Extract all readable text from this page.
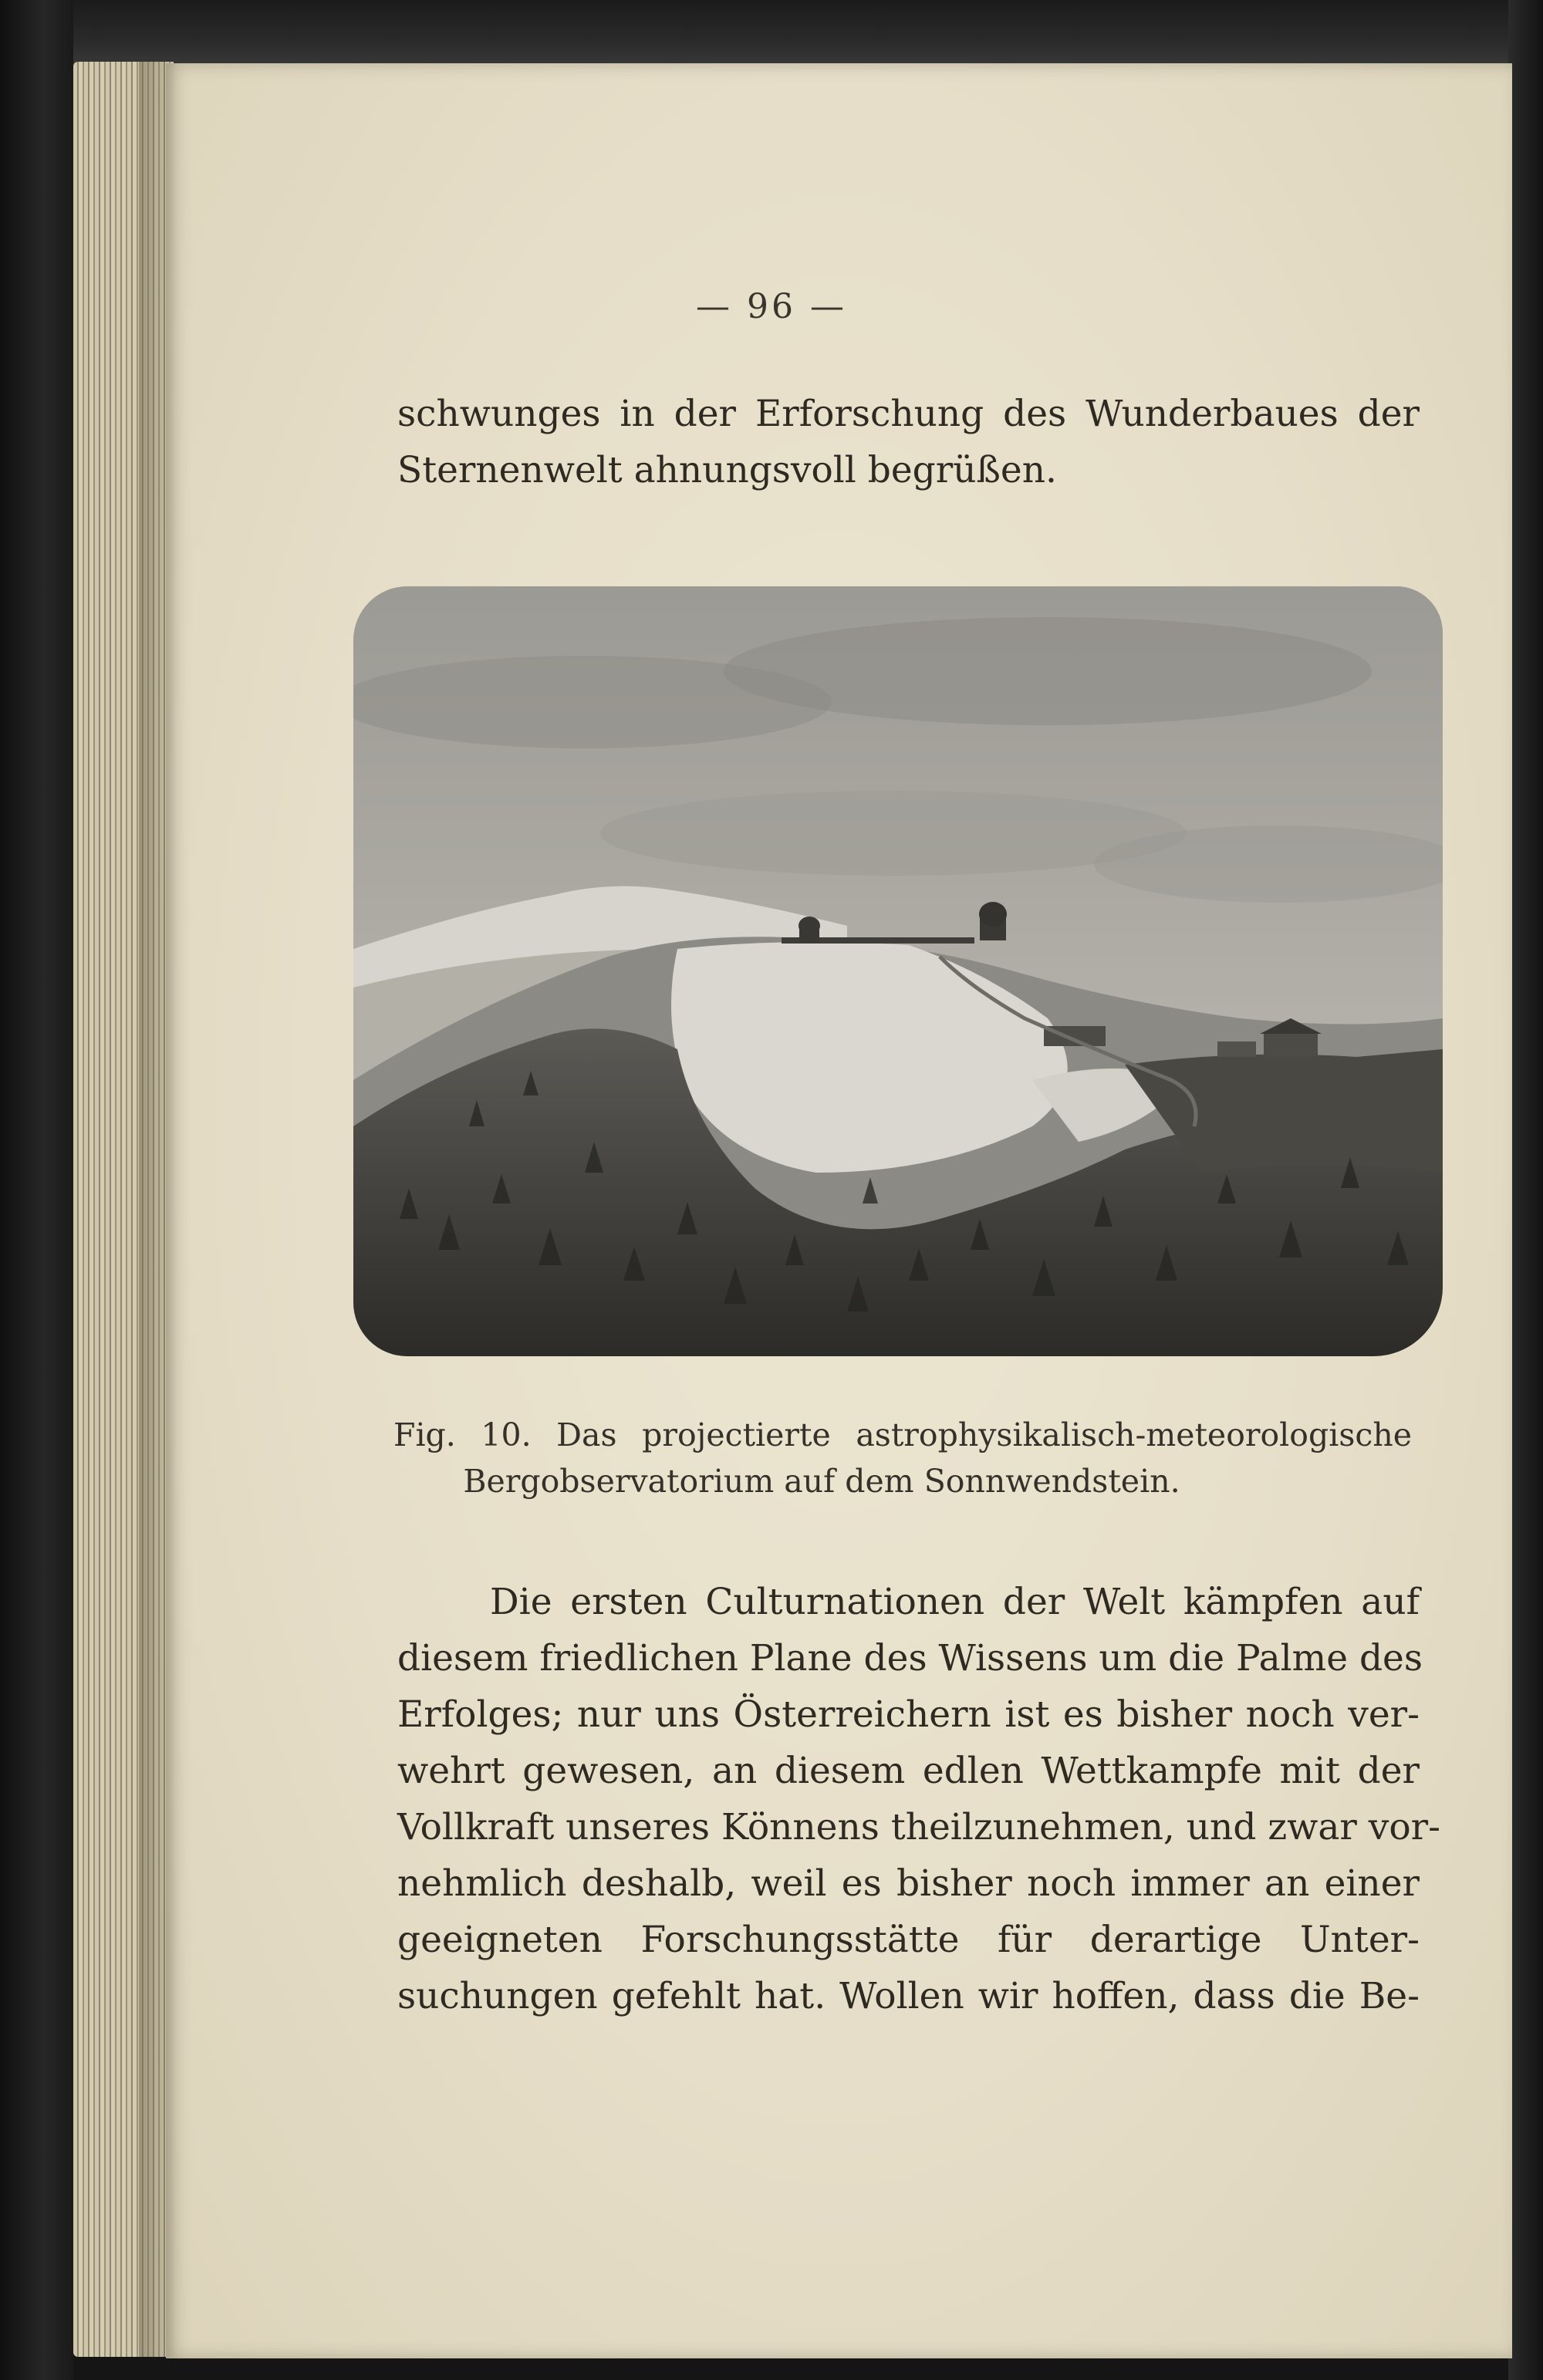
— 96 —
schwunges in der Erforschung des Wunderbaues der
Sternenwelt ahnungsvoll begrüßen.
Fig. 10. Das projectierte astrophysikalisch-meteorologische
Bergobservatorium auf dem Sonnwendstein.
Die ersten Culturnationen der Welt kämpfen auf
diesem friedlichen Plane des Wissens um die Palme des
Erfolges; nur uns Österreichern ist es bisher noch ver-
wehrt gewesen, an diesem edlen Wettkampfe mit der
Vollkraft unseres Könnens theilzunehmen, und zwar vor-
nehmlich deshalb, weil es bisher noch immer an einer
geeigneten Forschungsstätte für derartige Unter-
suchungen gefehlt hat. Wollen wir hoffen, dass die Be-
